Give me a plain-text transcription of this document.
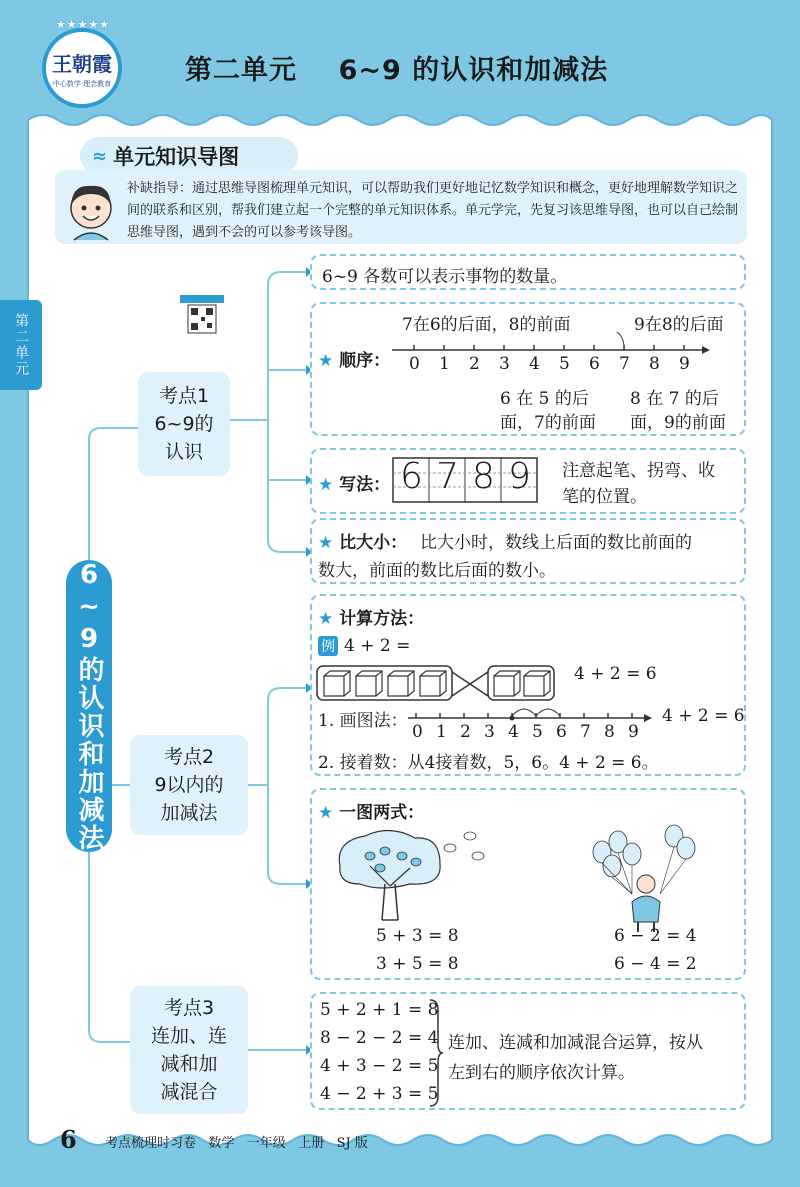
★★★★★
王朝霞
中心数学·理念教育	第二单元    6~9 的认识和加减法
第二单元
≈ 单元知识导图
补缺指导：通过思维导图梳理单元知识，可以帮助我们更好地记忆数学知识和概念，更好地理解数学知识之间的联系和区别，帮我们建立起一个完整的单元知识体系。单元学完，先复习该思维导图，也可以自己绘制思维导图，遇到不会的可以参考该导图。
6~9的认识和加减法
考点1
6~9的
认识
6~9 各数可以表示事物的数量。
7在6的后面，8的前面	9在8的后面
★ 顺序： 0 1 2 3 4 5 6 7 8 9
6 在 5 的后
面，7的前面
8 在 7 的后
面，9的前面
★ 写法：
注意起笔、拐弯、收
笔的位置。
6 7 8 9
★ 比大小： 比大小时，数线上后面的数比前面的
数大，前面的数比后面的数小。
考点2
9以内的
加减法
★ 计算方法：
例 4 + 2 =
4 + 2 = 6
1. 画图法：
0 1 2 3 4 5 6 7 8 9
4 + 2 = 6
2. 接着数：从4接着数，5，6。4 + 2 = 6。
★ 一图两式：
5 + 3 = 8
3 + 5 = 8
6 − 2 = 4
6 − 4 = 2
考点3
连加、连
减和加
减混合
5 + 2 + 1 = 8
8 − 2 − 2 = 4
4 + 3 − 2 = 5
4 − 2 + 3 = 5
连加、连减和加减混合运算，按从
左到右的顺序依次计算。
6 考点梳理时习卷   数学   一年级   上册   SJ 版
